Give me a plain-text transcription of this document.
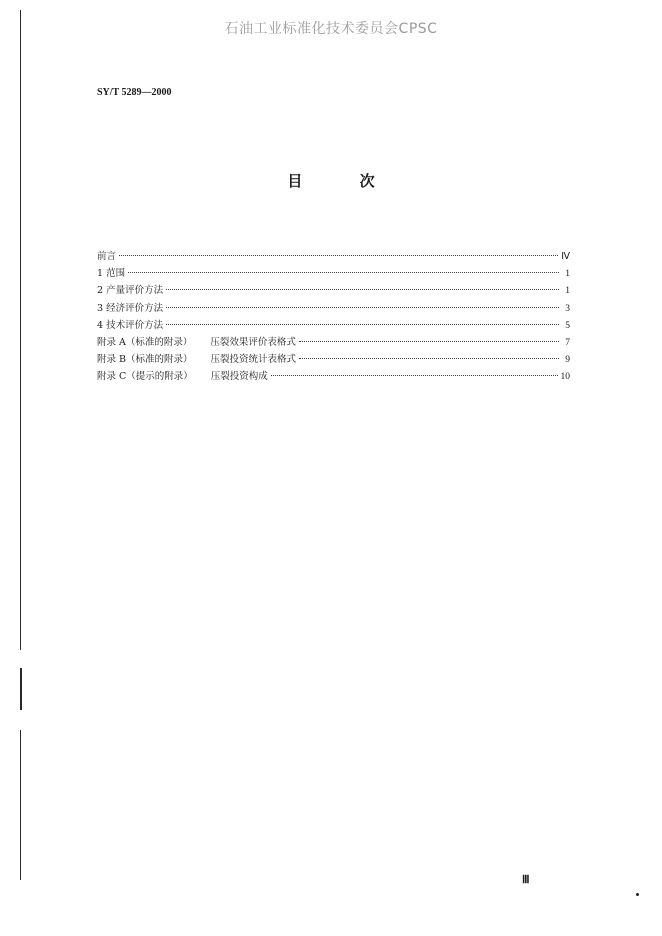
石油工业标准化技术委员会CPSC
SY/T 5289—2000
目 次
前言	Ⅳ
1 范围	1
2 产量评价方法	1
3 经济评价方法	3
4 技术评价方法	5
附录 A（标准的附录） 压裂效果评价表格式	7
附录 B（标准的附录） 压裂投资统计表格式	9
附录 C（提示的附录） 压裂投资构成	10
Ⅲ
